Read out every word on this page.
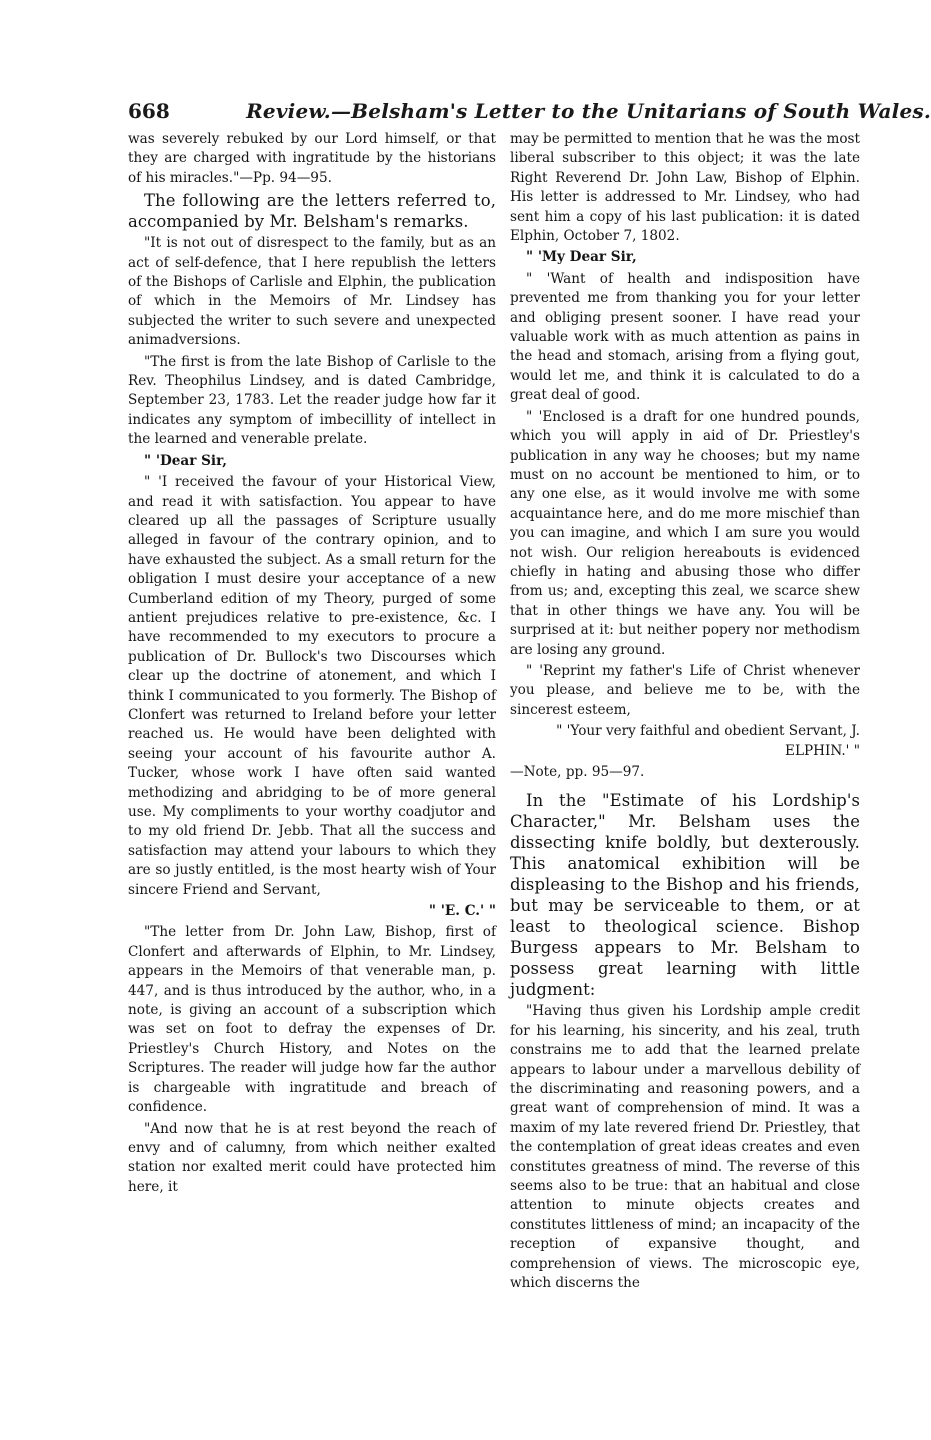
668	Review.—Belsham's Letter to the Unitarians of South Wales.

was severely rebuked by our Lord himself, or that they are charged with ingratitude by the historians of his miracles."—Pp. 94—95.

The following are the letters referred to, accompanied by Mr. Belsham's remarks.

"It is not out of disrespect to the family, but as an act of self-defence, that I here republish the letters of the Bishops of Carlisle and Elphin, the publication of which in the Memoirs of Mr. Lindsey has subjected the writer to such severe and unexpected animadversions.

"The first is from the late Bishop of Carlisle to the Rev. Theophilus Lindsey, and is dated Cambridge, September 23, 1783. Let the reader judge how far it indicates any symptom of imbecillity of intellect in the learned and venerable prelate.

" 'Dear Sir,

" 'I received the favour of your Historical View, and read it with satisfaction. You appear to have cleared up all the passages of Scripture usually alleged in favour of the contrary opinion, and to have exhausted the subject. As a small return for the obligation I must desire your acceptance of a new Cumberland edition of my Theory, purged of some antient prejudices relative to pre-existence, &c. I have recommended to my executors to procure a publication of Dr. Bullock's two Discourses which clear up the doctrine of atonement, and which I think I communicated to you formerly. The Bishop of Clonfert was returned to Ireland before your letter reached us. He would have been delighted with seeing your account of his favourite author A. Tucker, whose work I have often said wanted methodizing and abridging to be of more general use. My compliments to your worthy coadjutor and to my old friend Dr. Jebb. That all the success and satisfaction may attend your labours to which they are so justly entitled, is the most hearty wish of Your sincere Friend and Servant,

" 'E. C.' "

"The letter from Dr. John Law, Bishop, first of Clonfert and afterwards of Elphin, to Mr. Lindsey, appears in the Memoirs of that venerable man, p. 447, and is thus introduced by the author, who, in a note, is giving an account of a subscription which was set on foot to defray the expenses of Dr. Priestley's Church History, and Notes on the Scriptures. The reader will judge how far the author is chargeable with ingratitude and breach of confidence.

"And now that he is at rest beyond the reach of envy and of calumny, from which neither exalted station nor exalted merit could have protected him here, it

may be permitted to mention that he was the most liberal subscriber to this object; it was the late Right Reverend Dr. John Law, Bishop of Elphin. His letter is addressed to Mr. Lindsey, who had sent him a copy of his last publication: it is dated Elphin, October 7, 1802.

" 'My Dear Sir,

" 'Want of health and indisposition have prevented me from thanking you for your letter and obliging present sooner. I have read your valuable work with as much attention as pains in the head and stomach, arising from a flying gout, would let me, and think it is calculated to do a great deal of good.

" 'Enclosed is a draft for one hundred pounds, which you will apply in aid of Dr. Priestley's publication in any way he chooses; but my name must on no account be mentioned to him, or to any one else, as it would involve me with some acquaintance here, and do me more mischief than you can imagine, and which I am sure you would not wish. Our religion hereabouts is evidenced chiefly in hating and abusing those who differ from us; and, excepting this zeal, we scarce shew that in other things we have any. You will be surprised at it: but neither popery nor methodism are losing any ground.

" 'Reprint my father's Life of Christ whenever you please, and believe me to be, with the sincerest esteem,

" 'Your very faithful and obedient Servant, J. ELPHIN.' "

—Note, pp. 95—97.

In the "Estimate of his Lordship's Character," Mr. Belsham uses the dissecting knife boldly, but dexterously. This anatomical exhibition will be displeasing to the Bishop and his friends, but may be serviceable to them, or at least to theological science. Bishop Burgess appears to Mr. Belsham to possess great learning with little judgment:

"Having thus given his Lordship ample credit for his learning, his sincerity, and his zeal, truth constrains me to add that the learned prelate appears to labour under a marvellous debility of the discriminating and reasoning powers, and a great want of comprehension of mind. It was a maxim of my late revered friend Dr. Priestley, that the contemplation of great ideas creates and even constitutes greatness of mind. The reverse of this seems also to be true: that an habitual and close attention to minute objects creates and constitutes littleness of mind; an incapacity of the reception of expansive thought, and comprehension of views. The microscopic eye, which discerns the
